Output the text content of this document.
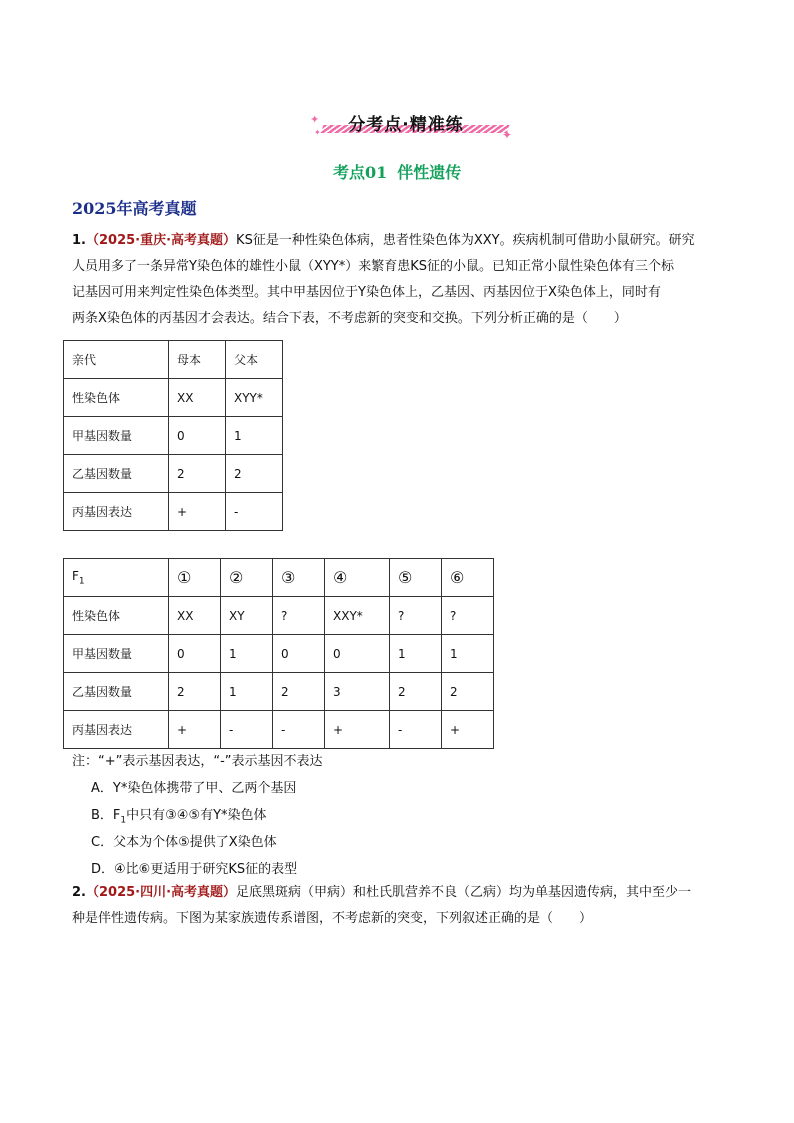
分考点·精准练
✦
✦	✦
考点01 伴性遗传
2025年高考真题
1.（2025·重庆·高考真题）KS征是一种性染色体病，患者性染色体为XXY。疾病机制可借助小鼠研究。研究
人员用多了一条异常Y染色体的雄性小鼠（XYY*）来繁育患KS征的小鼠。已知正常小鼠性染色体有三个标
记基因可用来判定性染色体类型。其中甲基因位于Y染色体上，乙基因、丙基因位于X染色体上，同时有
两条X染色体的丙基因才会表达。结合下表，不考虑新的突变和交换。下列分析正确的是（　　）
亲代	母本	父本
性染色体	XX	XYY*
甲基因数量	0	1
乙基因数量	2	2
丙基因表达	+	-
$F_1$	①	②	③	④	⑤	⑥
性染色体	XX	XY	?	XXY*	?	?
甲基因数量	0	1	0	0	1	1
乙基因数量	2	1	2	3	2	2
丙基因表达	+	-	-	+	-	+
注：“+”表示基因表达，“-”表示基因不表达
A．Y*染色体携带了甲、乙两个基因
B．$F_1$中只有③④⑤有Y*染色体
C．父本为个体⑤提供了X染色体
D．④比⑥更适用于研究KS征的表型
2.（2025·四川·高考真题）足底黑斑病（甲病）和杜氏肌营养不良（乙病）均为单基因遗传病，其中至少一
种是伴性遗传病。下图为某家族遗传系谱图，不考虑新的突变，下列叙述正确的是（　　）
